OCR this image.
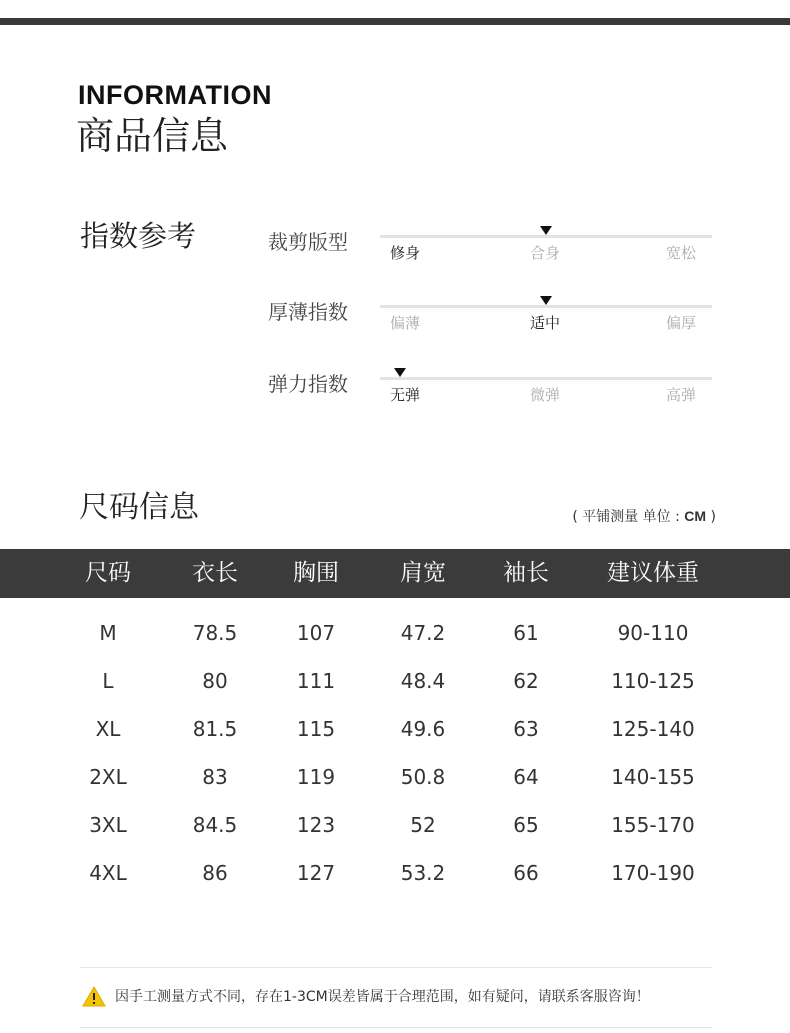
INFORMATION
商品信息
指数参考	裁剪版型	修身	合身	宽松
厚薄指数	偏薄	适中	偏厚
弹力指数	无弹	微弹	高弹
尺码信息	( 平铺测量 单位 : CM )
尺码	衣长	胸围	肩宽	袖长	建议体重
M	78.5	107	47.2	61	90-110
L	80	111	48.4	62	110-125
XL	81.5	115	49.6	63	125-140
2XL	83	119	50.8	64	140-155
3XL	84.5	123	52	65	155-170
4XL	86	127	53.2	66	170-190
因手工测量方式不同，存在1-3CM误差皆属于合理范围，如有疑问，请联系客服咨询！
